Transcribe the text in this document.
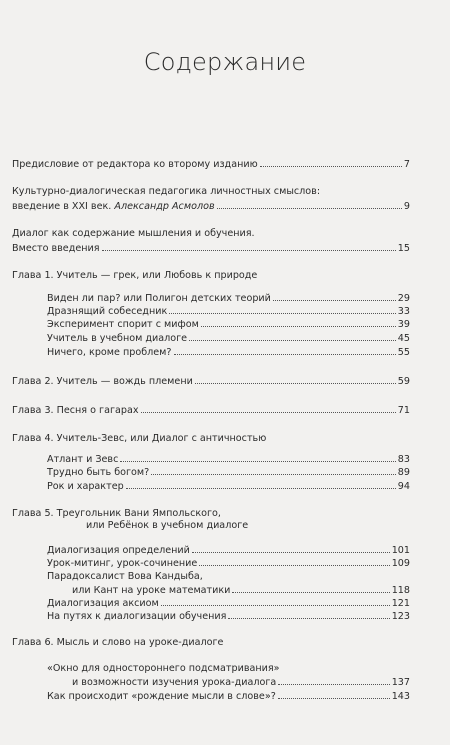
Содержание
Предисловие от редактора ко второму изданию	7
Культурно-диалогическая педагогика личностных смыслов:
введение в XXI век. Александр Асмолов	9
Диалог как содержание мышления и обучения.
Вместо введения	15
Глава 1. Учитель — грек, или Любовь к природе
Виден ли пар? или Полигон детских теорий	29
Дразнящий собеседник	33
Эксперимент спорит с мифом	39
Учитель в учебном диалоге	45
Ничего, кроме проблем?	55
Глава 2. Учитель — вождь племени	59
Глава 3. Песня о гагарах	71
Глава 4. Учитель-Зевс, или Диалог с античностью
Атлант и Зевс	83
Трудно быть богом?	89
Рок и характер	94
Глава 5. Треугольник Вани Ямпольского,
или Ребёнок в учебном диалоге
Диалогизация определений	101
Урок-митинг, урок-сочинение	109
Парадоксалист Вова Кандыба,
или Кант на уроке математики	118
Диалогизация аксиом	121
На путях к диалогизации обучения	123
Глава 6. Мысль и слово на уроке-диалоге
«Окно для одностороннего подсматривания»
и возможности изучения урока-диалога	137
Как происходит «рождение мысли в слове»?	143
